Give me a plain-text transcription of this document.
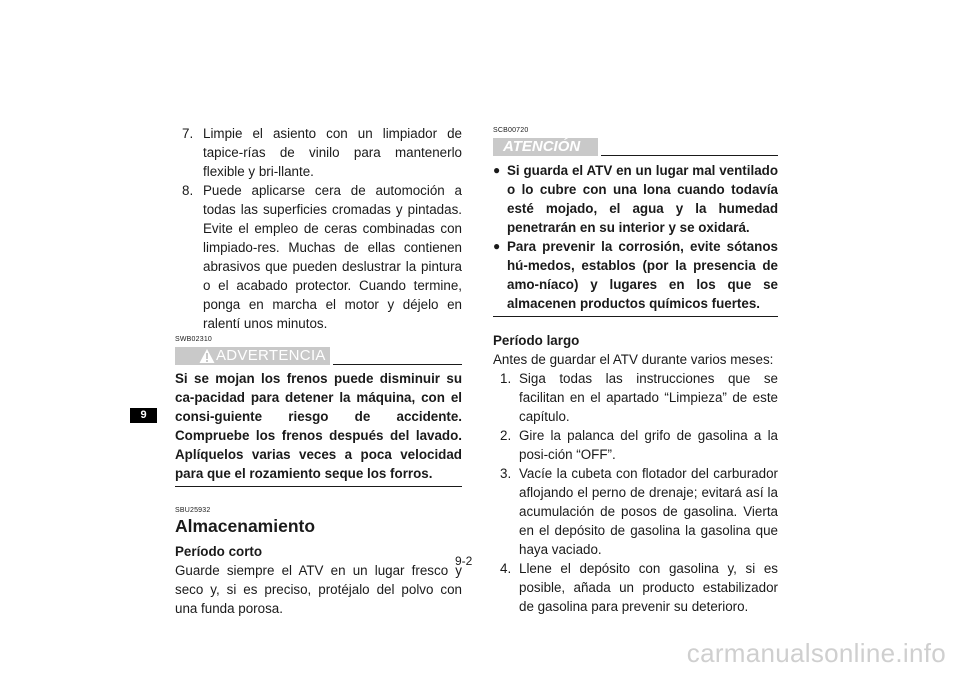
7. Limpie el asiento con un limpiador de tapice-rías de vinilo para mantenerlo flexible y bri-llante.
8. Puede aplicarse cera de automoción a todas las superficies cromadas y pintadas. Evite el empleo de ceras combinadas con limpiado-res. Muchas de ellas contienen abrasivos que pueden deslustrar la pintura o el acabado protector. Cuando termine, ponga en marcha el motor y déjelo en ralentí unos minutos.
SWB02310
ADVERTENCIA
Si se mojan los frenos puede disminuir su ca-pacidad para detener la máquina, con el consi-guiente riesgo de accidente. Compruebe los frenos después del lavado. Aplíquelos varias veces a poca velocidad para que el rozamiento seque los forros.
SBU25932
Almacenamiento
Período corto
Guarde siempre el ATV en un lugar fresco y seco y, si es preciso, protéjalo del polvo con una funda porosa.
SCB00720
ATENCIÓN
● Si guarda el ATV en un lugar mal ventilado o lo cubre con una lona cuando todavía esté mojado, el agua y la humedad penetrarán en su interior y se oxidará.
● Para prevenir la corrosión, evite sótanos hú-medos, establos (por la presencia de amo-níaco) y lugares en los que se almacenen productos químicos fuertes.
Período largo
Antes de guardar el ATV durante varios meses:
1. Siga todas las instrucciones que se facilitan en el apartado “Limpieza” de este capítulo.
2. Gire la palanca del grifo de gasolina a la posi-ción “OFF”.
3. Vacíe la cubeta con flotador del carburador aflojando el perno de drenaje; evitará así la acumulación de posos de gasolina. Vierta en el depósito de gasolina la gasolina que haya vaciado.
4. Llene el depósito con gasolina y, si es posible, añada un producto estabilizador de gasolina para prevenir su deterioro.
9
9-2
carmanualsonline.info
